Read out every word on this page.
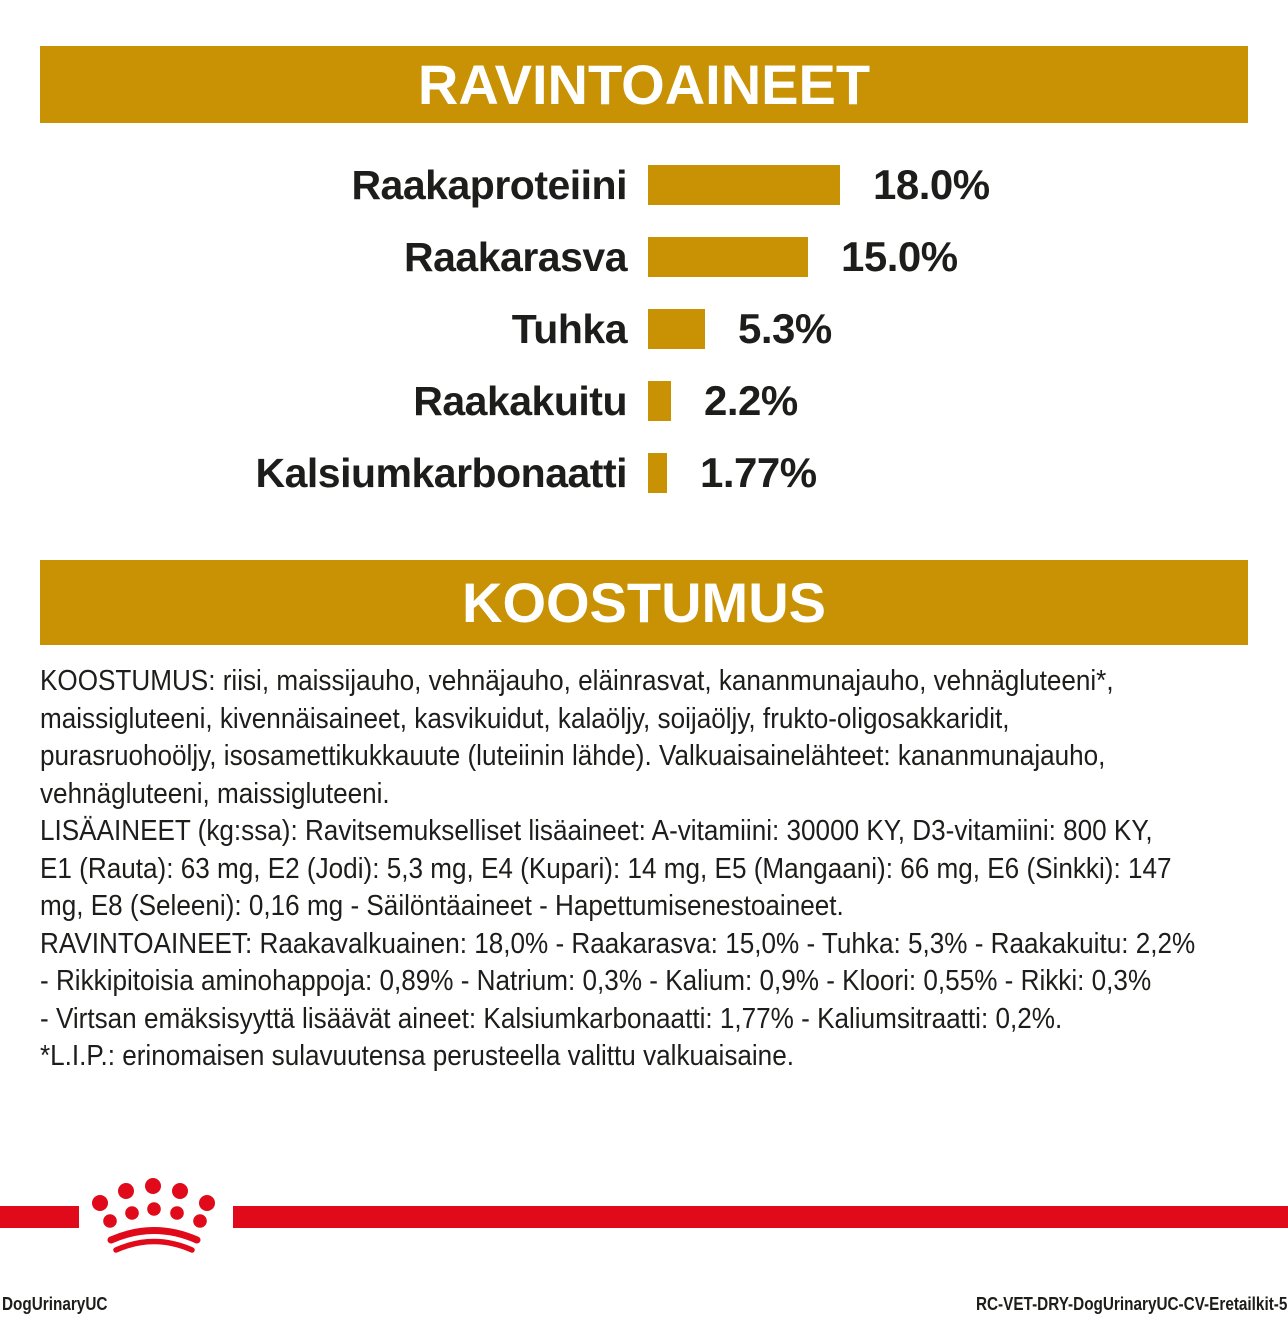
RAVINTOAINEET
Raakaproteiini	18.0%
Raakarasva	15.0%
Tuhka	5.3%
Raakakuitu 2.2%
Kalsiumkarbonaatti 1.77%
KOOSTUMUS
KOOSTUMUS: riisi, maissijauho, vehnäjauho, eläinrasvat, kananmunajauho, vehnägluteeni*,
maissigluteeni, kivennäisaineet, kasvikuidut, kalaöljy, soijaöljy, frukto-oligosakkaridit,
purasruohoöljy, isosamettikukkauute (luteiinin lähde). Valkuaisainelähteet: kananmunajauho,
vehnägluteeni, maissigluteeni.
LISÄAINEET (kg:ssa): Ravitsemukselliset lisäaineet: A-vitamiini: 30000 KY, D3-vitamiini: 800 KY,
E1 (Rauta): 63 mg, E2 (Jodi): 5,3 mg, E4 (Kupari): 14 mg, E5 (Mangaani): 66 mg, E6 (Sinkki): 147
mg, E8 (Seleeni): 0,16 mg - Säilöntäaineet - Hapettumisenestoaineet.
RAVINTOAINEET: Raakavalkuainen: 18,0% - Raakarasva: 15,0% - Tuhka: 5,3% - Raakakuitu: 2,2%
- Rikkipitoisia aminohappoja: 0,89% - Natrium: 0,3% - Kalium: 0,9% - Kloori: 0,55% - Rikki: 0,3%
- Virtsan emäksisyyttä lisäävät aineet: Kalsiumkarbonaatti: 1,77% - Kaliumsitraatti: 0,2%.
*L.I.P.: erinomaisen sulavuutensa perusteella valittu valkuaisaine.
DogUrinaryUC	RC-VET-DRY-DogUrinaryUC-CV-Eretailkit-5
